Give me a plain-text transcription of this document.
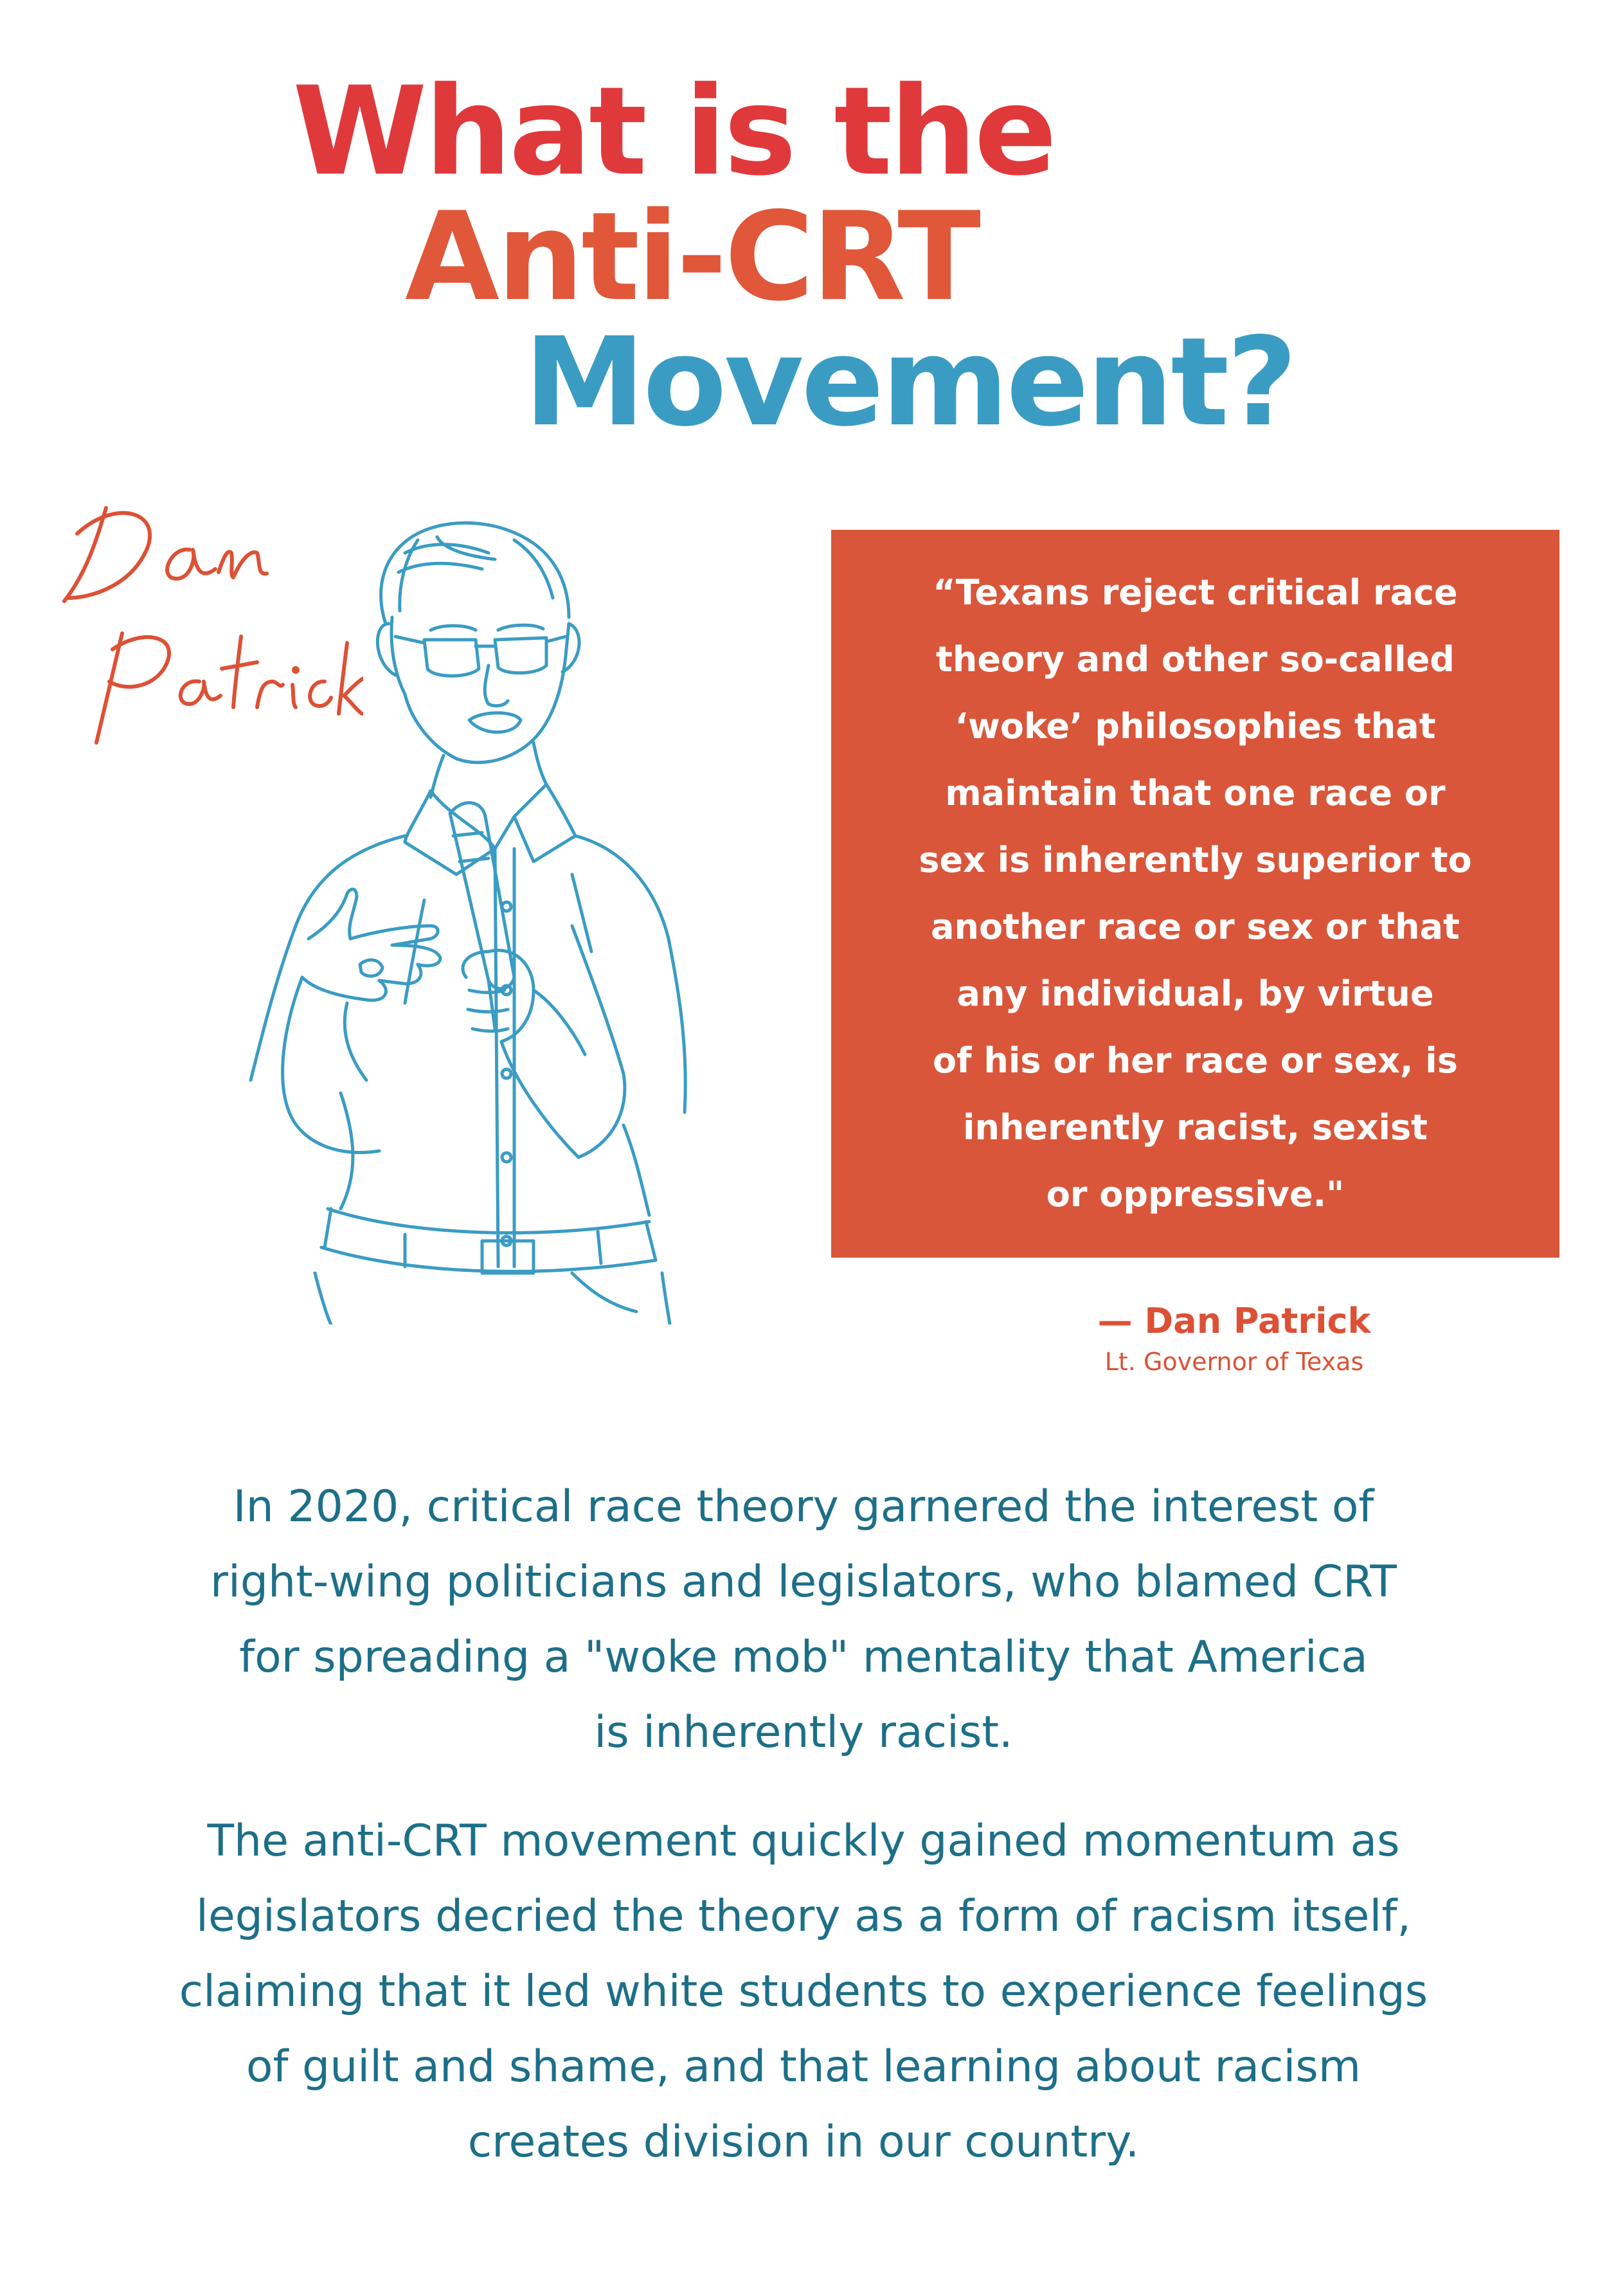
What is the
Anti-CRT
Movement?
“Texans reject critical race
theory and other so-called
‘woke’ philosophies that
maintain that one race or
sex is inherently superior to
another race or sex or that
any individual, by virtue
of his or her race or sex, is
inherently racist, sexist
or oppressive."
— Dan Patrick
Lt. Governor of Texas
In 2020, critical race theory garnered the interest of
right-wing politicians and legislators, who blamed CRT
for spreading a "woke mob" mentality that America
is inherently racist.
The anti-CRT movement quickly gained momentum as
legislators decried the theory as a form of racism itself,
claiming that it led white students to experience feelings
of guilt and shame, and that learning about racism
creates division in our country.
